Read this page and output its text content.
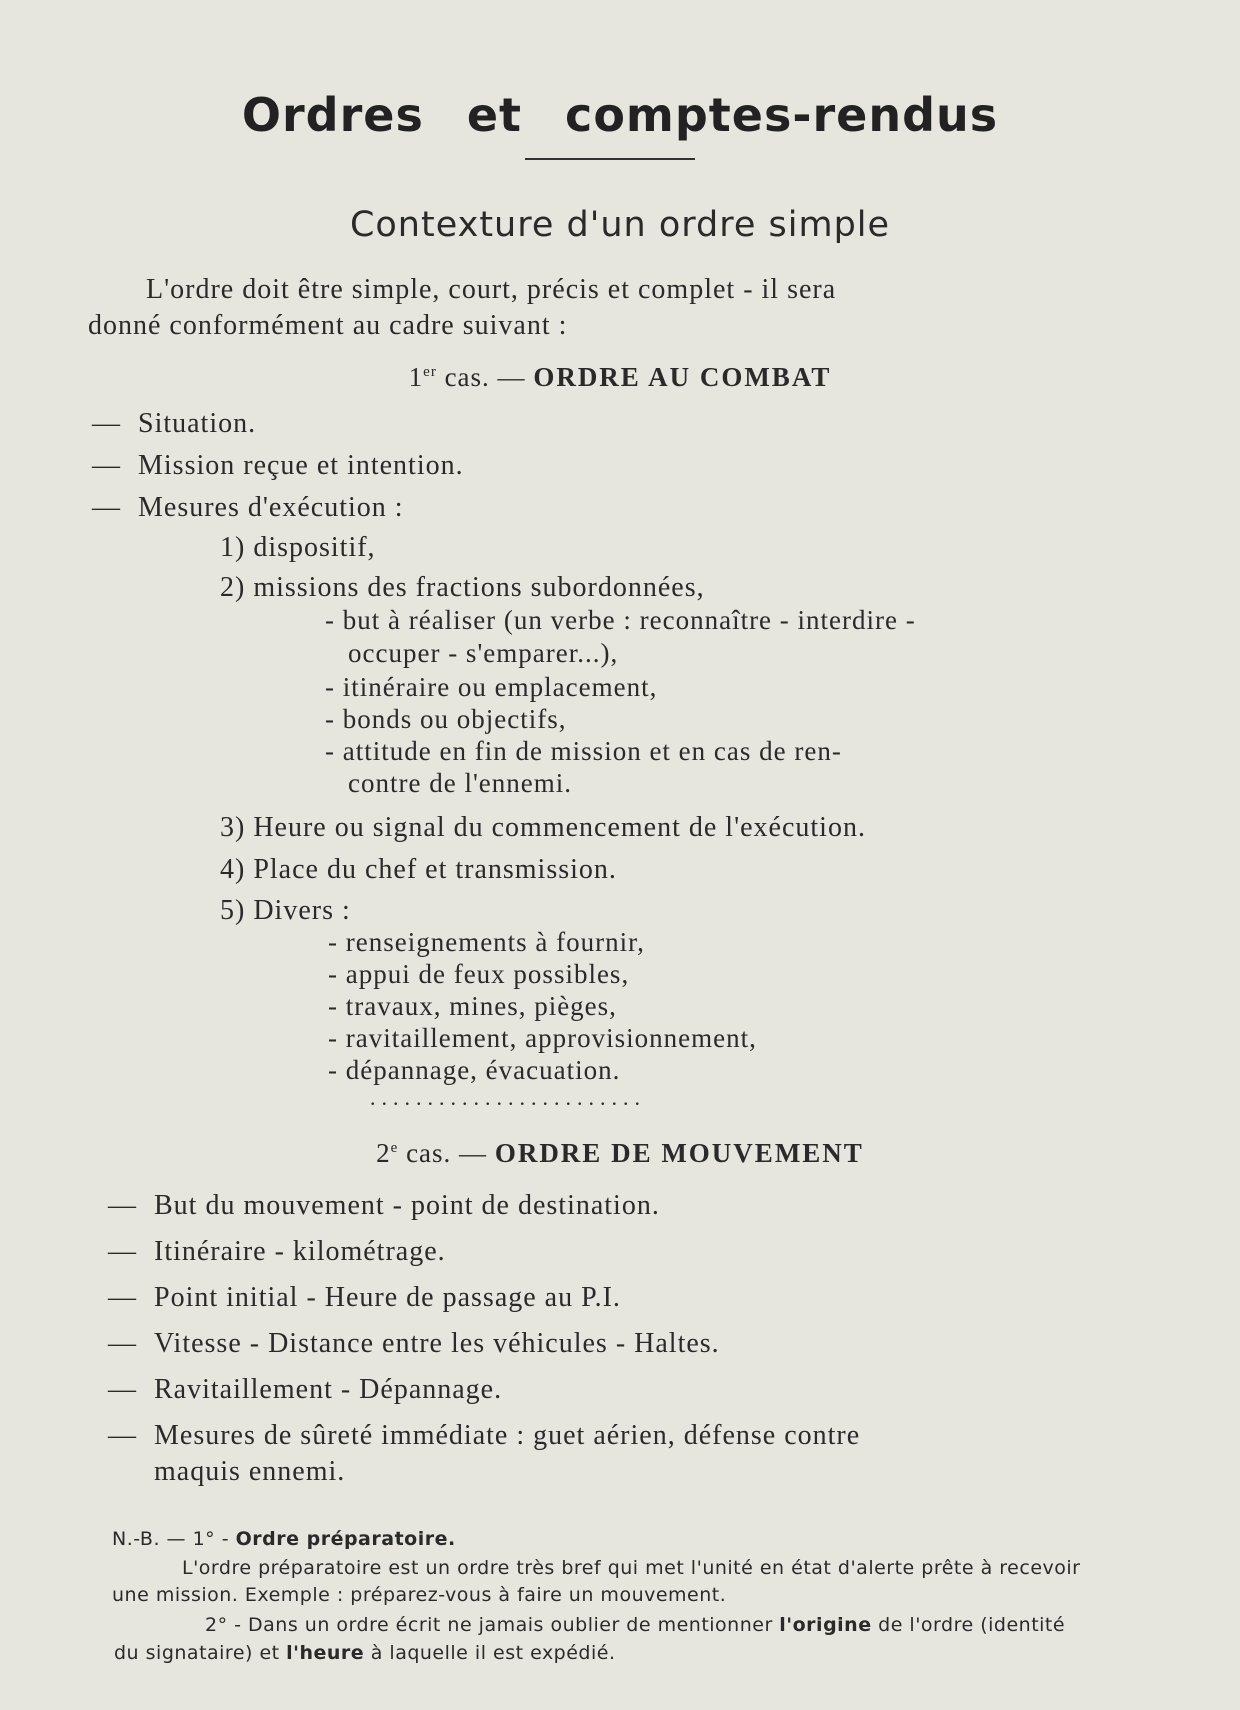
Ordres et comptes-rendus
Contexture d'un ordre simple
L'ordre doit être simple, court, précis et complet - il sera
donné conformément au cadre suivant :
1er cas. — ORDRE AU COMBAT
— Situation.
— Mission reçue et intention.
— Mesures d'exécution :
1) dispositif,
2) missions des fractions subordonnées,
- but à réaliser (un verbe : reconnaître - interdire -
occuper - s'emparer...),
- itinéraire ou emplacement,
- bonds ou objectifs,
- attitude en fin de mission et en cas de ren-
contre de l'ennemi.
3) Heure ou signal du commencement de l'exécution.
4) Place du chef et transmission.
5) Divers :
- renseignements à fournir,
- appui de feux possibles,
- travaux, mines, pièges,
- ravitaillement, approvisionnement,
- dépannage, évacuation.
........................
2e cas. — ORDRE DE MOUVEMENT
— But du mouvement - point de destination.
— Itinéraire - kilométrage.
— Point initial - Heure de passage au P.I.
— Vitesse - Distance entre les véhicules - Haltes.
— Ravitaillement - Dépannage.
— Mesures de sûreté immédiate : guet aérien, défense contre
maquis ennemi.
N.-B. — 1° - Ordre préparatoire.
L'ordre préparatoire est un ordre très bref qui met l'unité en état d'alerte prête à recevoir
une mission. Exemple : préparez-vous à faire un mouvement.
2° - Dans un ordre écrit ne jamais oublier de mentionner l'origine de l'ordre (identité
du signataire) et l'heure à laquelle il est expédié.
